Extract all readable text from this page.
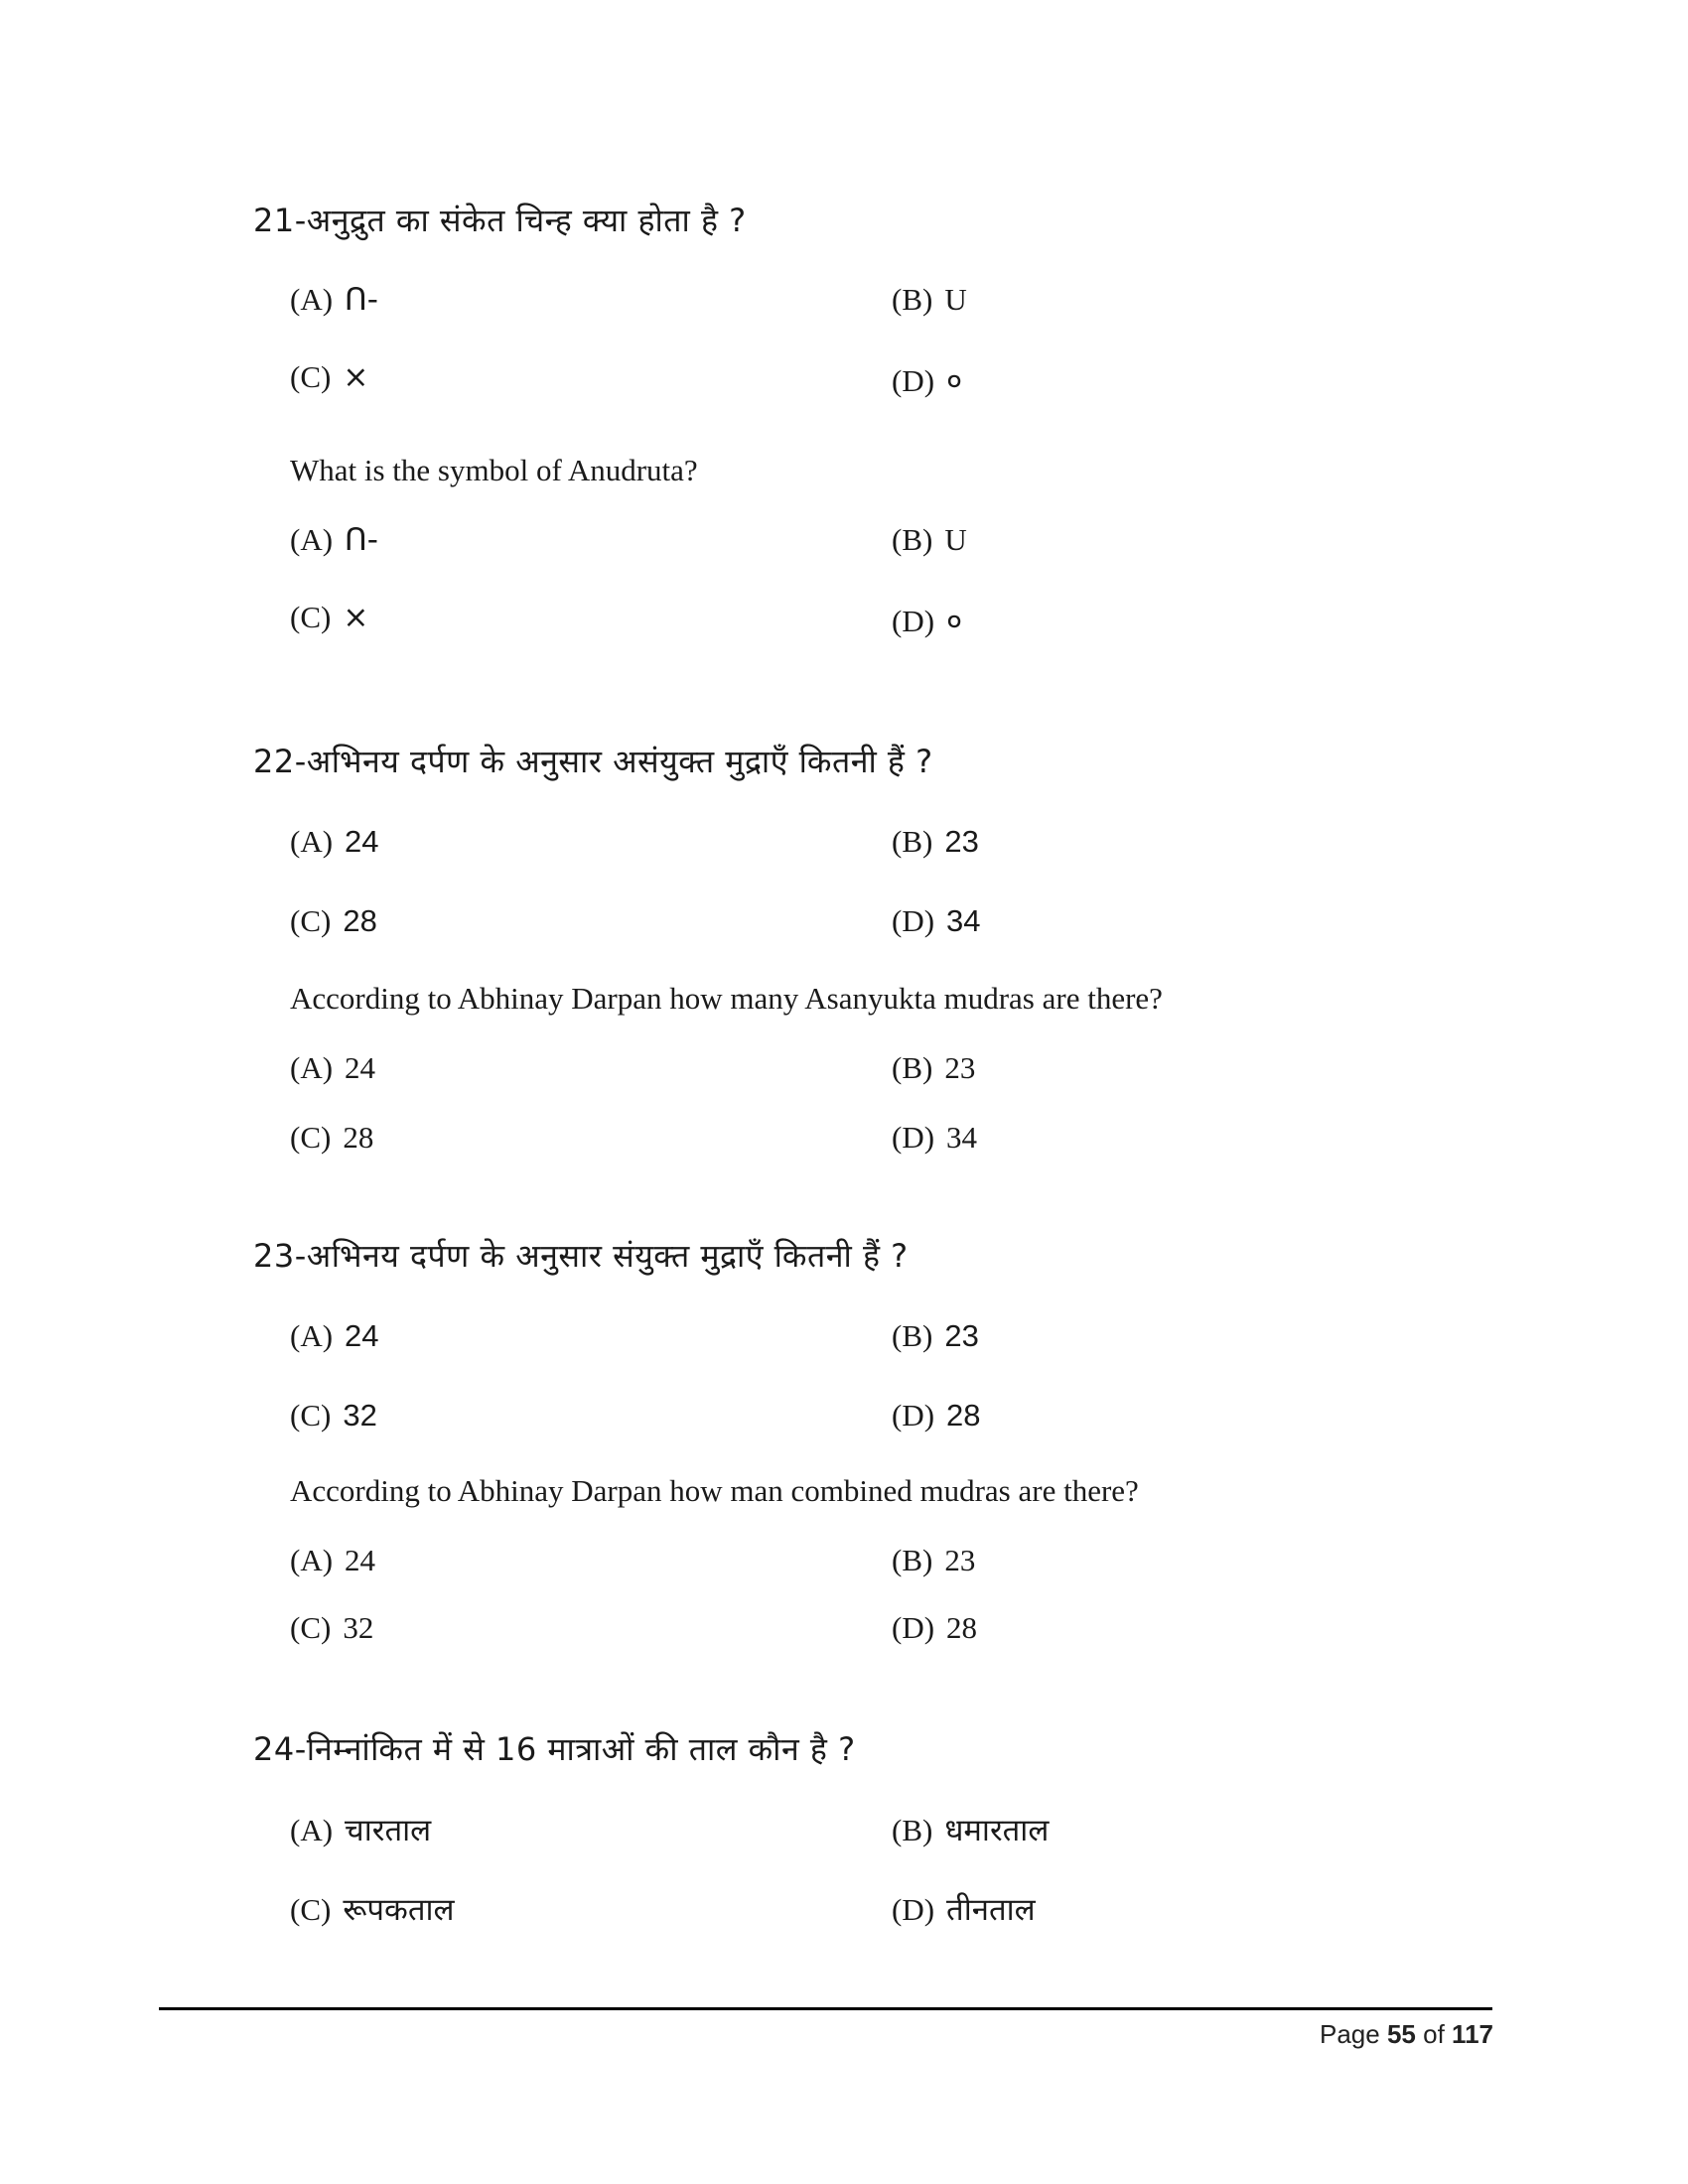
21-अनुद्रुत का संकेत चिन्ह क्या होता है ?
(A) ꓵ-	(B) U
(C) ×	(D) ०
What is the symbol of Anudruta?
(A) ꓵ-	(B) U
(C) ×	(D) ०
22-अभिनय दर्पण के अनुसार असंयुक्त मुद्राएँ कितनी हैं ?
(A) 24	(B) 23
(C) 28	(D) 34
According to Abhinay Darpan how many Asanyukta mudras are there?
(A) 24	(B) 23
(C) 28	(D) 34
23-अभिनय दर्पण के अनुसार संयुक्त मुद्राएँ कितनी हैं ?
(A) 24	(B) 23
(C) 32	(D) 28
According to Abhinay Darpan how man combined mudras are there?
(A) 24	(B) 23
(C) 32	(D) 28
24-निम्नांकित में से 16 मात्राओं की ताल कौन है ?
(A) चारताल	(B) धमारताल
(C) रूपकताल	(D) तीनताल
Page 55 of 117
